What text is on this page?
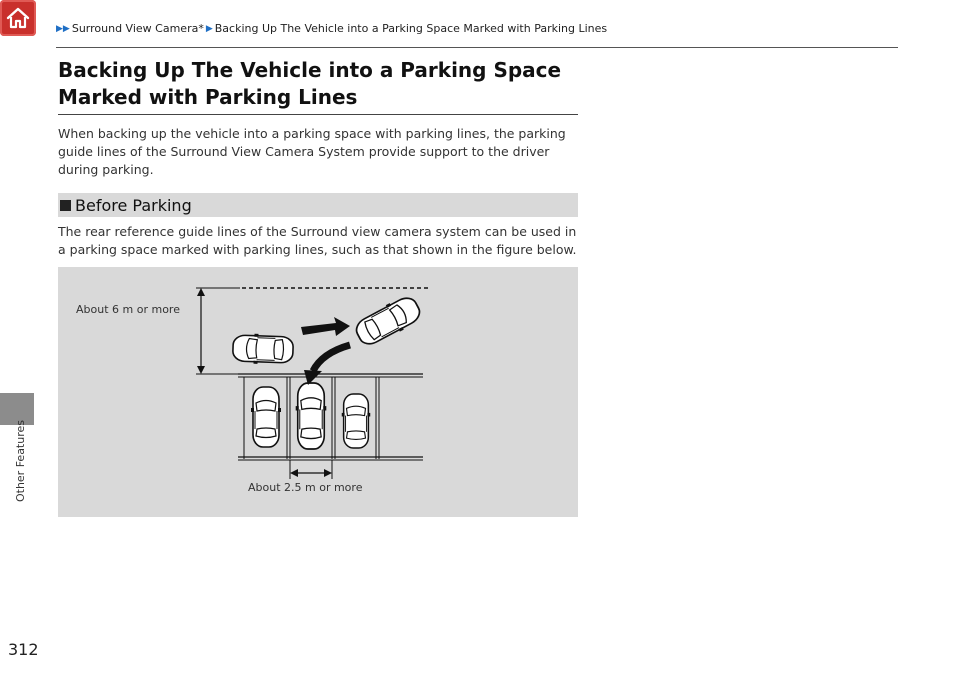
▶▶ Surround View Camera* ▶ Backing Up The Vehicle into a Parking Space Marked with Parking Lines
Other Features
312
Backing Up The Vehicle into a Parking Space Marked with Parking Lines

When backing up the vehicle into a parking space with parking lines, the parking guide lines of the Surround View Camera System provide support to the driver during parking.

Before Parking

The rear reference guide lines of the Surround view camera system can be used in a parking space marked with parking lines, such as that shown in the figure below.

About 6 m or more
About 2.5 m or more
